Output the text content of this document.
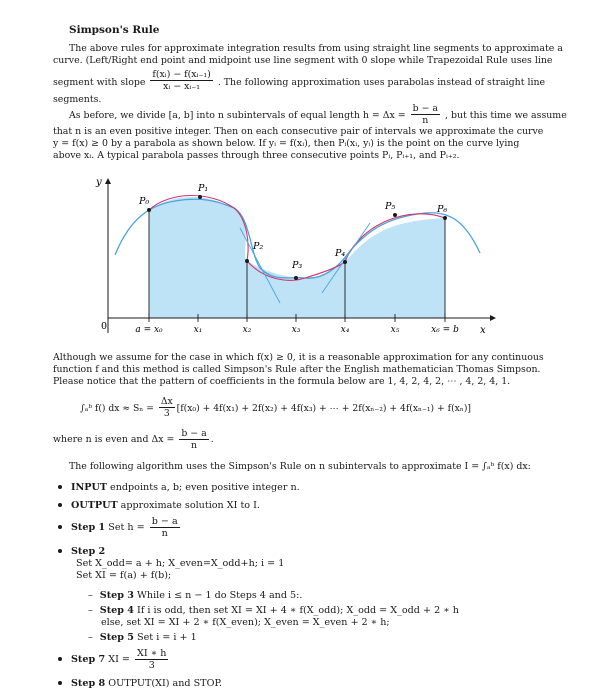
Simpson's Rule
The above rules for approximate integration results from using straight line segments to approximate a
curve. (Left/Right end point and midpoint use line segment with 0 slope while Trapezoidal Rule uses line
segment with slope $\frac{\text{f(xᵢ) − f(xᵢ₋₁)}}{\text{xᵢ − xᵢ₋₁}}$ . The following approximation uses parabolas instead of straight line
segments.
As before, we divide [a, b] into n subintervals of equal length $h = \Delta x = \frac{b - a}{n}$ , but this time we assume
that n is an even positive integer. Then on each consecutive pair of intervals we approximate the curve
y = f(x) ≥ 0 by a parabola as shown below. If yᵢ = f(xᵢ), then Pᵢ(xᵢ, yᵢ) is the point on the curve lying
above xᵢ. A typical parabola passes through three consecutive points Pᵢ, Pᵢ₊₁, and Pᵢ₊₂.
y
x
0	a = x₀	x₁	x₂	x₃	x₄	x₅	x₆ = b
P₀
P₁
P₂
P₃
P₄
P₅	P₆
Although we assume for the case in which f(x) ≥ 0, it is a reasonable approximation for any continuous
function f and this method is called Simpson's Rule after the English mathematician Thomas Simpson.
Please notice that the pattern of coefficients in the formula below are 1, 4, 2, 4, 2, ⋯ , 4, 2, 4, 1.
∫ₐᵇ f() dx ≈ $S_n = \frac{\Delta x}{3} [f(x_0) + 4f(x_1) + 2f(x_2) + 4f(x_3)$ + ⋯ + 2f(xₙ₋₂) + 4f(xₙ₋₁) + f(xₙ)]
where n is even and $\Delta x = \frac{b - a}{n}$ .
The following algorithm uses the Simpson's Rule on n subintervals to approximate I = ∫ₐᵇ f(x) dx:
INPUT endpoints a, b; even positive integer n.
OUTPUT approximate solution XI to I.
Step 1 Set $h = \frac{b - a}{n}$
Step 2
Set X_odd= a + h; X_even=X_odd+h; i = 1
Set XI = f(a) + f(b);
– Step 3 While i ≤ n − 1 do Steps 4 and 5:.
– Step 4 If i is odd, then set XI = XI + 4 ∗ f(X_odd); X_odd = X_odd + 2 ∗ h
else, set XI = XI + 2 ∗ f(X_even); X_even = X_even + 2 ∗ h;
– Step 5 Set i = i + 1
Step 7 XI = $\frac{XI ∗ h}{3}$
Step 8 OUTPUT(XI) and STOP.
